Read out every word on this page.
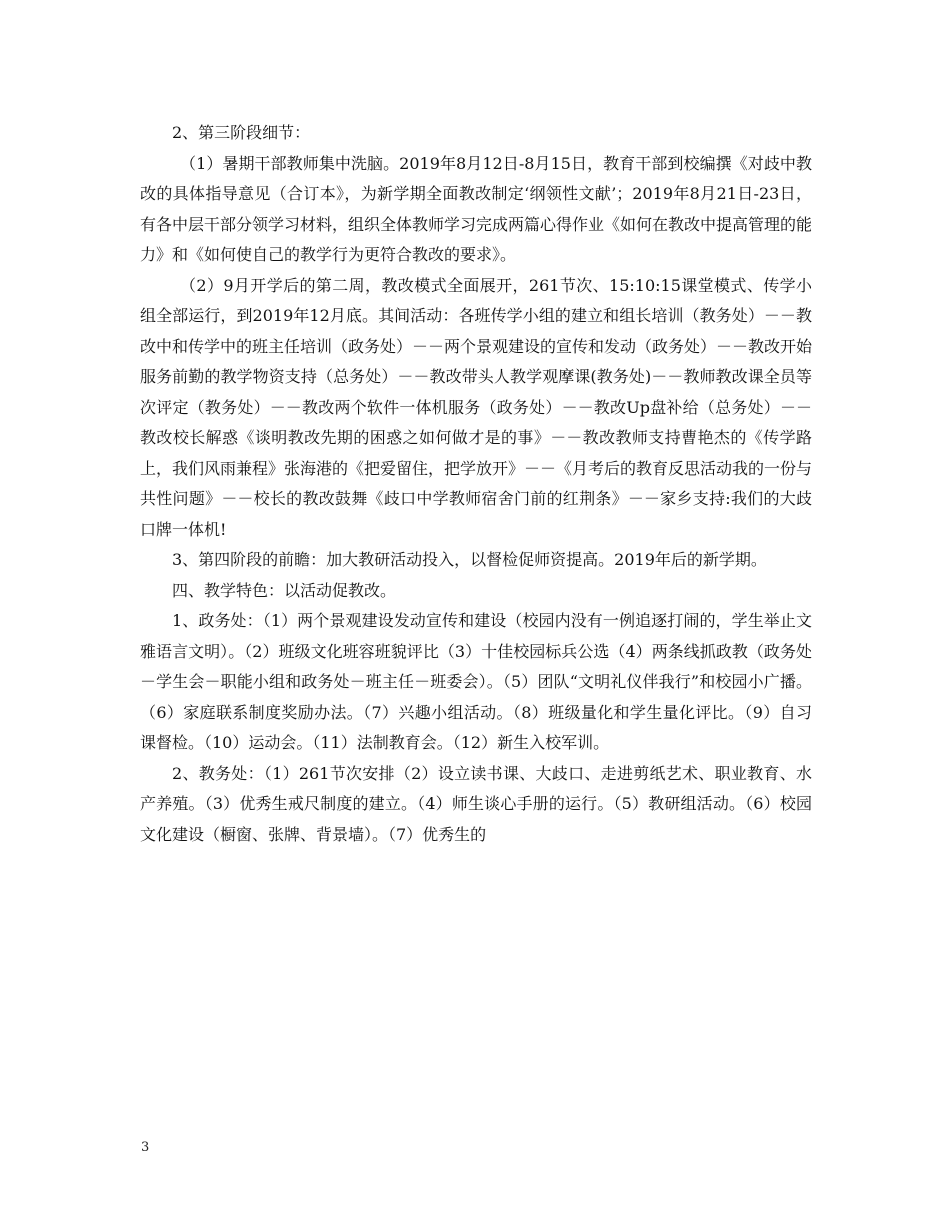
2、第三阶段细节：

（1）暑期干部教师集中洗脑。2019年8月12日-8月15日，教育干部到校编撰《对歧中教改的具体指导意见（合订本》，为新学期全面教改制定‘纲领性文献’；2019年8月21日-23日，有各中层干部分领学习材料，组织全体教师学习完成两篇心得作业《如何在教改中提高管理的能力》和《如何使自己的教学行为更符合教改的要求》。

（2）9月开学后的第二周，教改模式全面展开，261节次、15:10:15课堂模式、传学小组全部运行，到2019年12月底。其间活动：各班传学小组的建立和组长培训（教务处）－－教改中和传学中的班主任培训（政务处）－－两个景观建设的宣传和发动（政务处）－－教改开始服务前勤的教学物资支持（总务处）－－教改带头人教学观摩课(教务处)－－教师教改课全员等次评定（教务处）－－教改两个软件一体机服务（政务处）－－教改Up盘补给（总务处）－－教改校长解惑《谈明教改先期的困惑之如何做才是的事》－－教改教师支持曹艳杰的《传学路上，我们风雨兼程》张海港的《把爱留住，把学放开》－－《月考后的教育反思活动我的一份与共性问题》－－校长的教改鼓舞《歧口中学教师宿舍门前的红荆条》－－家乡支持:我们的大歧口牌一体机!

3、第四阶段的前瞻：加大教研活动投入，以督检促师资提高。2019年后的新学期。

四、教学特色：以活动促教改。

1、政务处：（1）两个景观建设发动宣传和建设（校园内没有一例追逐打闹的，学生举止文雅语言文明）。（2）班级文化班容班貌评比（3）十佳校园标兵公选（4）两条线抓政教（政务处－学生会－职能小组和政务处－班主任－班委会）。（5）团队“文明礼仪伴我行”和校园小广播。（6）家庭联系制度奖励办法。（7）兴趣小组活动。（8）班级量化和学生量化评比。（9）自习课督检。（10）运动会。（11）法制教育会。（12）新生入校军训。

2、教务处：（1）261节次安排（2）设立读书课、大歧口、走进剪纸艺术、职业教育、水产养殖。（3）优秀生戒尺制度的建立。（4）师生谈心手册的运行。（5）教研组活动。（6）校园文化建设（橱窗、张牌、背景墙）。（7）优秀生的

3
